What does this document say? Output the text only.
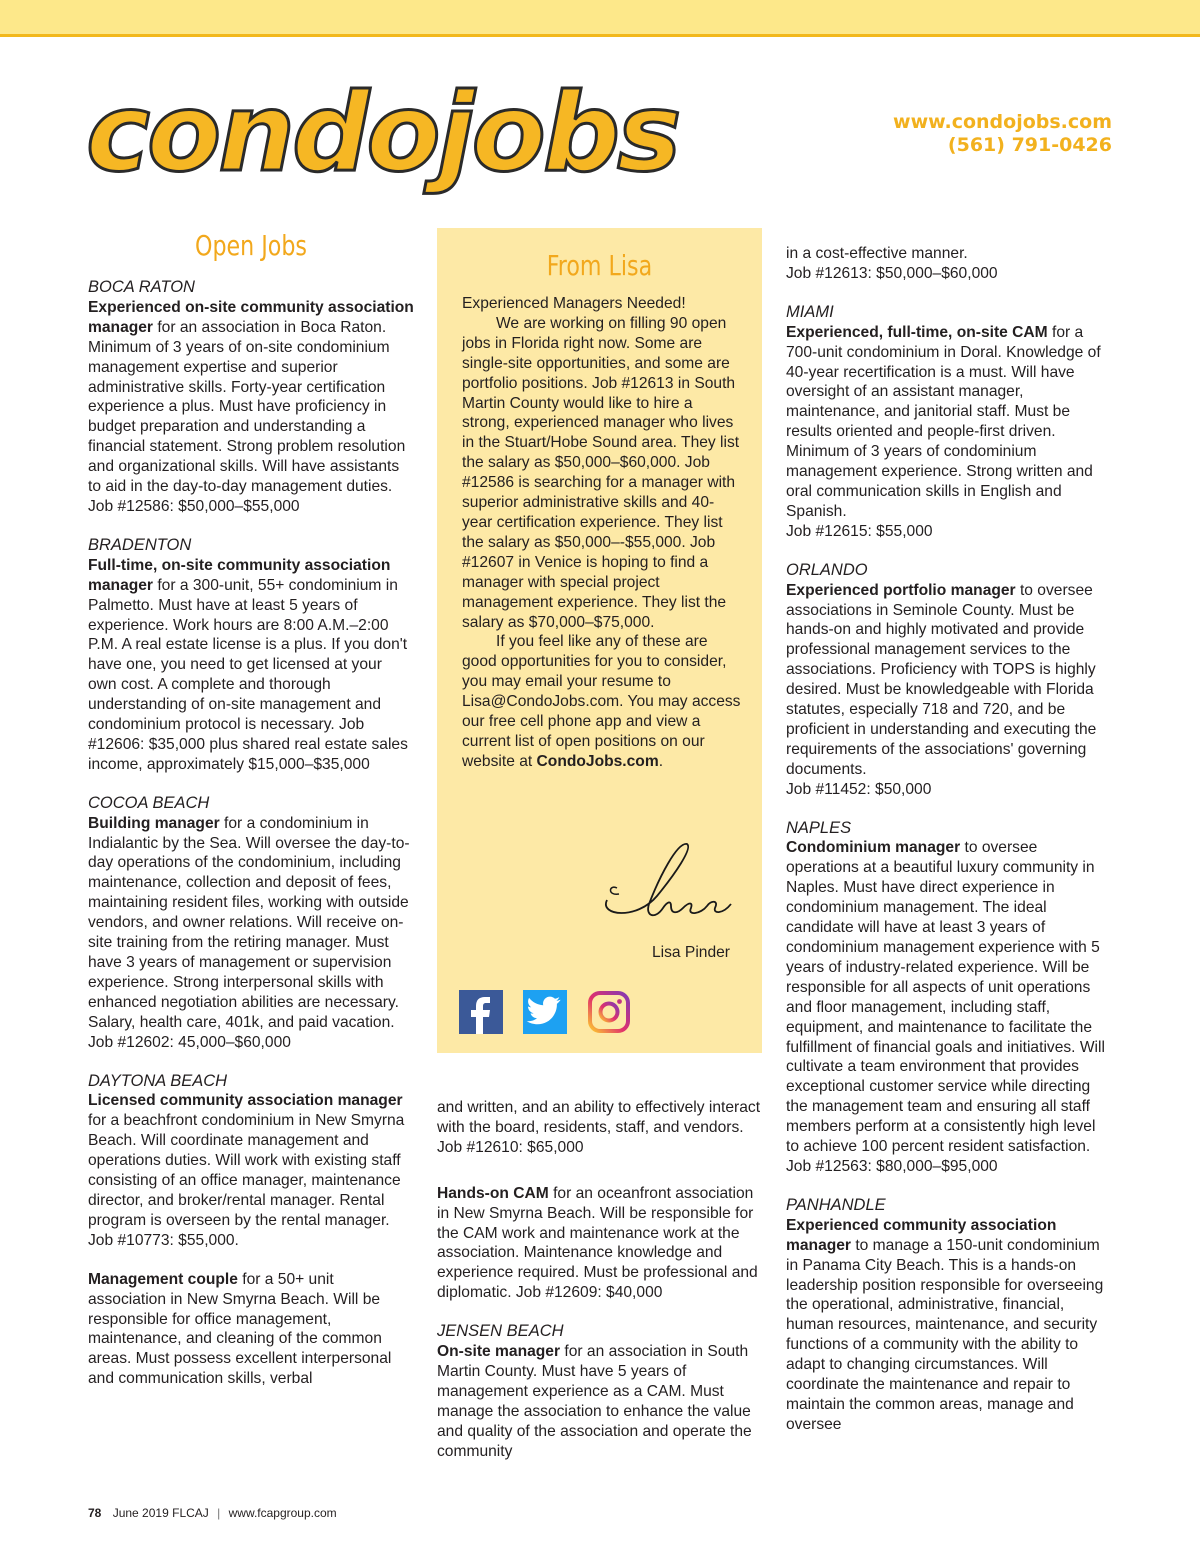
condojobs	www.condojobs.com
(561) 791-0426
Open Jobs

BOCA RATON

Experienced on-site community association manager for an association in Boca Raton. Minimum of 3 years of on-site condominium management expertise and superior administrative skills. Forty-year certification experience a plus. Must have proficiency in budget preparation and understanding a financial statement. Strong problem resolution and organizational skills. Will have assistants to aid in the day-to-day management duties.

Job #12586: $50,000–$55,000

BRADENTON

Full-time, on-site community association manager for a 300-unit, 55+ condominium in Palmetto. Must have at least 5 years of experience. Work hours are 8:00 A.M.–2:00 P.M. A real estate license is a plus. If you don't have one, you need to get licensed at your own cost. A complete and thorough understanding of on-site management and condominium protocol is necessary. Job #12606: $35,000 plus shared real estate sales income, approximately $15,000–$35,000

COCOA BEACH

Building manager for a condominium in Indialantic by the Sea. Will oversee the day-to-day operations of the condominium, including maintenance, collection and deposit of fees, maintaining resident files, working with outside vendors, and owner relations. Will receive on-site training from the retiring manager. Must have 3 years of management or supervision experience. Strong interpersonal skills with enhanced negotiation abilities are necessary. Salary, health care, 401k, and paid vacation.

Job #12602: 45,000–$60,000

DAYTONA BEACH

Licensed community association manager for a beachfront condominium in New Smyrna Beach. Will coordinate management and operations duties. Will work with existing staff consisting of an office manager, maintenance director, and broker/rental manager. Rental program is overseen by the rental manager.

Job #10773: $55,000.

Management couple for a 50+ unit association in New Smyrna Beach. Will be responsible for office management, maintenance, and cleaning of the common areas. Must possess excellent interpersonal and communication skills, verbal

From Lisa

Experienced Managers Needed!

We are working on filling 90 open jobs in Florida right now. Some are single-site opportunities, and some are portfolio positions. Job #12613 in South Martin County would like to hire a strong, experienced manager who lives in the Stuart/Hobe Sound area. They list the salary as $50,000–$60,000. Job #12586 is searching for a manager with superior administrative skills and 40-year certification experience. They list the salary as $50,000–-$55,000. Job #12607 in Venice is hoping to find a manager with special project management experience. They list the salary as $70,000–$75,000.

If you feel like any of these are good opportunities for you to consider, you may email your resume to Lisa@CondoJobs.com. You may access our free cell phone app and view a current list of open positions on our website at CondoJobs.com.

Lisa Pinder

and written, and an ability to effectively interact with the board, residents, staff, and vendors. Job #12610: $65,000

Hands-on CAM for an oceanfront association in New Smyrna Beach. Will be responsible for the CAM work and maintenance work at the association. Maintenance knowledge and experience required. Must be professional and diplomatic. Job #12609: $40,000

JENSEN BEACH

On-site manager for an association in South Martin County. Must have 5 years of management experience as a CAM. Must manage the association to enhance the value and quality of the association and operate the community

in a cost-effective manner.

Job #12613: $50,000–$60,000

MIAMI

Experienced, full-time, on-site CAM for a 700-unit condominium in Doral. Knowledge of 40-year recertification is a must. Will have oversight of an assistant manager, maintenance, and janitorial staff. Must be results oriented and people-first driven. Minimum of 3 years of condominium management experience. Strong written and oral communication skills in English and Spanish.

Job #12615: $55,000

ORLANDO

Experienced portfolio manager to oversee associations in Seminole County. Must be hands-on and highly motivated and provide professional management services to the associations. Proficiency with TOPS is highly desired. Must be knowledgeable with Florida statutes, especially 718 and 720, and be proficient in understanding and executing the requirements of the associations' governing documents.

Job #11452: $50,000

NAPLES

Condominium manager to oversee operations at a beautiful luxury community in Naples. Must have direct experience in condominium management. The ideal candidate will have at least 3 years of condominium management experience with 5 years of industry-related experience. Will be responsible for all aspects of unit operations and floor management, including staff, equipment, and maintenance to facilitate the fulfillment of financial goals and initiatives. Will cultivate a team environment that provides exceptional customer service while directing the management team and ensuring all staff members perform at a consistently high level to achieve 100 percent resident satisfaction.

Job #12563: $80,000–$95,000

PANHANDLE

Experienced community association manager to manage a 150-unit condominium in Panama City Beach. This is a hands-on leadership position responsible for overseeing the operational, administrative, financial, human resources, maintenance, and security functions of a community with the ability to adapt to changing circumstances. Will coordinate the maintenance and repair to maintain the common areas, manage and oversee

78 June 2019 FLCAJ | www.fcapgroup.com
